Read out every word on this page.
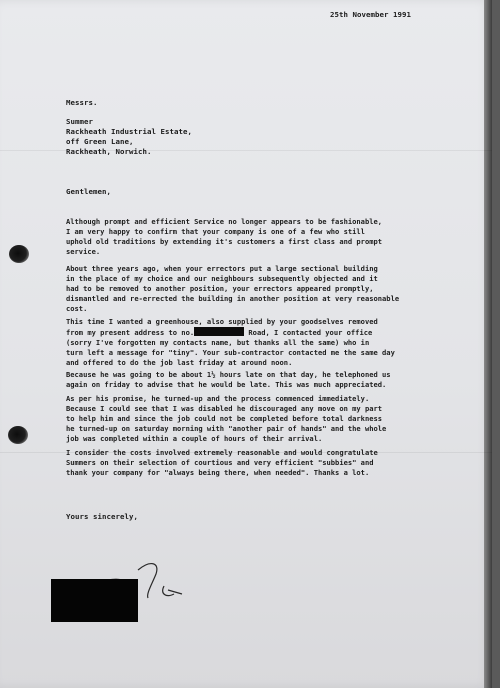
25th November 1991
Messrs.
Summer
Rackheath Industrial Estate,
off Green Lane,
Rackheath, Norwich.
Gentlemen,
Although prompt and efficient Service no longer appears to be fashionable,
I am very happy to confirm that your company is one of a few who still
uphold old traditions by extending it's customers a first class and prompt
service.
About three years ago, when your errectors put a large sectional building
in the place of my choice and our neighbours subsequently objected and it
had to be removed to another position, your errectors appeared promptly,
dismantled and re-errected the building in another position at very reasonable
cost.
This time I wanted a greenhouse, also supplied by your goodselves removed
from my present address to no.	Road, I contacted your office
(sorry I've forgotten my contacts name, but thanks all the same) who in
turn left a message for "tiny". Your sub-contractor contacted me the same day
and offered to do the job last friday at around noon.
Because he was going to be about 1½ hours late on that day, he telephoned us
again on friday to advise that he would be late. This was much appreciated.
As per his promise, he turned-up and the process commenced immediately.
Because I could see that I was disabled he discouraged any move on my part
to help him and since the job could not be completed before total darkness
he turned-up on saturday morning with "another pair of hands" and the whole
job was completed within a couple of hours of their arrival.
I consider the costs involved extremely reasonable and would congratulate
Summers on their selection of courtious and very efficient "subbies" and
thank your company for "always being there, when needed". Thanks a lot.
Yours sincerely,
